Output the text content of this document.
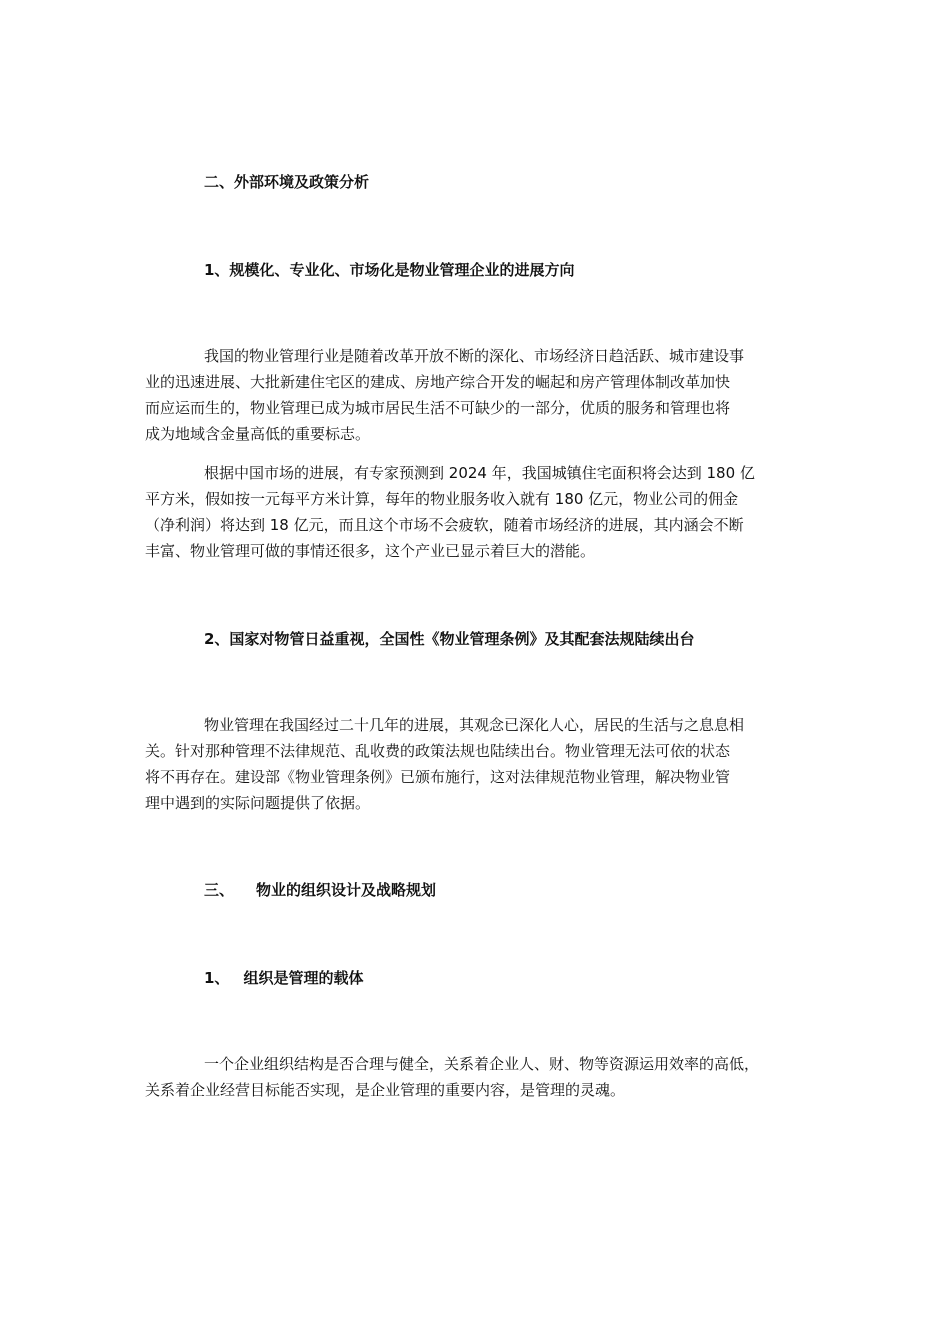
二、外部环境及政策分析
1、规模化、专业化、市场化是物业管理企业的进展方向

我国的物业管理行业是随着改革开放不断的深化、市场经济日趋活跃、城市建设事
业的迅速进展、大批新建住宅区的建成、房地产综合开发的崛起和房产管理体制改革加快
而应运而生的，物业管理已成为城市居民生活不可缺少的一部分，优质的服务和管理也将
成为地域含金量高低的重要标志。

根据中国市场的进展，有专家预测到 2024 年，我国城镇住宅面积将会达到 180 亿
平方米，假如按一元每平方米计算，每年的物业服务收入就有 180 亿元，物业公司的佣金
（净利润）将达到 18 亿元，而且这个市场不会疲软，随着市场经济的进展，其内涵会不断
丰富、物业管理可做的事情还很多，这个产业已显示着巨大的潜能。

2、国家对物管日益重视，全国性《物业管理条例》及其配套法规陆续出台

物业管理在我国经过二十几年的进展，其观念已深化人心，居民的生活与之息息相
关。针对那种管理不法律规范、乱收费的政策法规也陆续出台。物业管理无法可依的状态
将不再存在。建设部《物业管理条例》已颁布施行，这对法律规范物业管理，解决物业管
理中遇到的实际问题提供了依据。

三、 物业的组织设计及战略规划
1、 组织是管理的载体

一个企业组织结构是否合理与健全，关系着企业人、财、物等资源运用效率的高低，
关系着企业经营目标能否实现，是企业管理的重要内容，是管理的灵魂。
